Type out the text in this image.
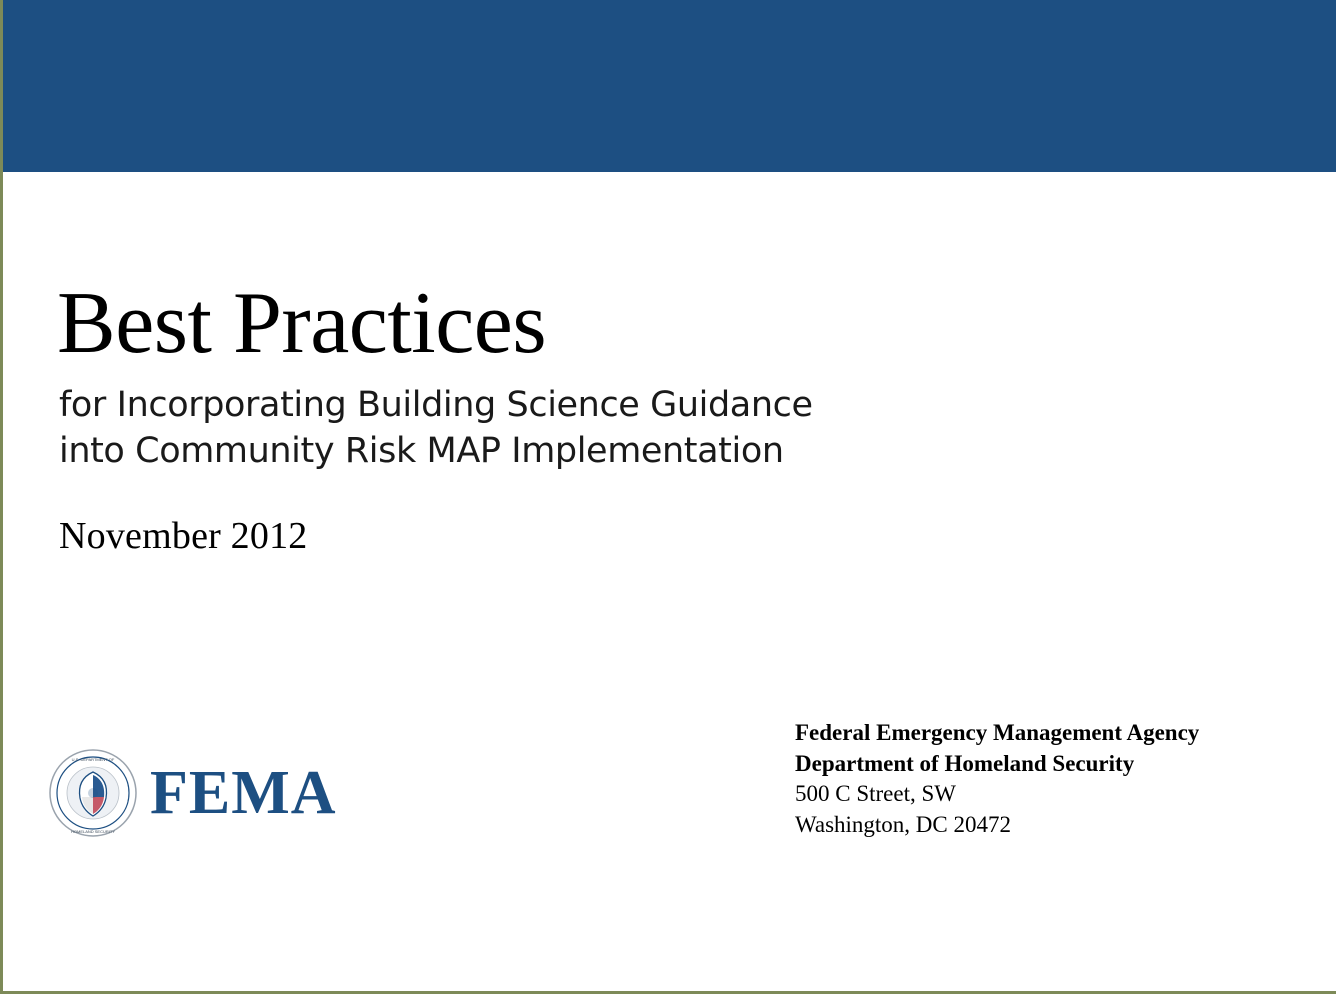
Best Practices
for Incorporating Building Science Guidance
into Community Risk MAP Implementation
November 2012
U.S. DEPARTMENT OF
HOMELAND SECURITY
FEMA
Federal Emergency Management Agency
Department of Homeland Security
500 C Street, SW
Washington, DC 20472
